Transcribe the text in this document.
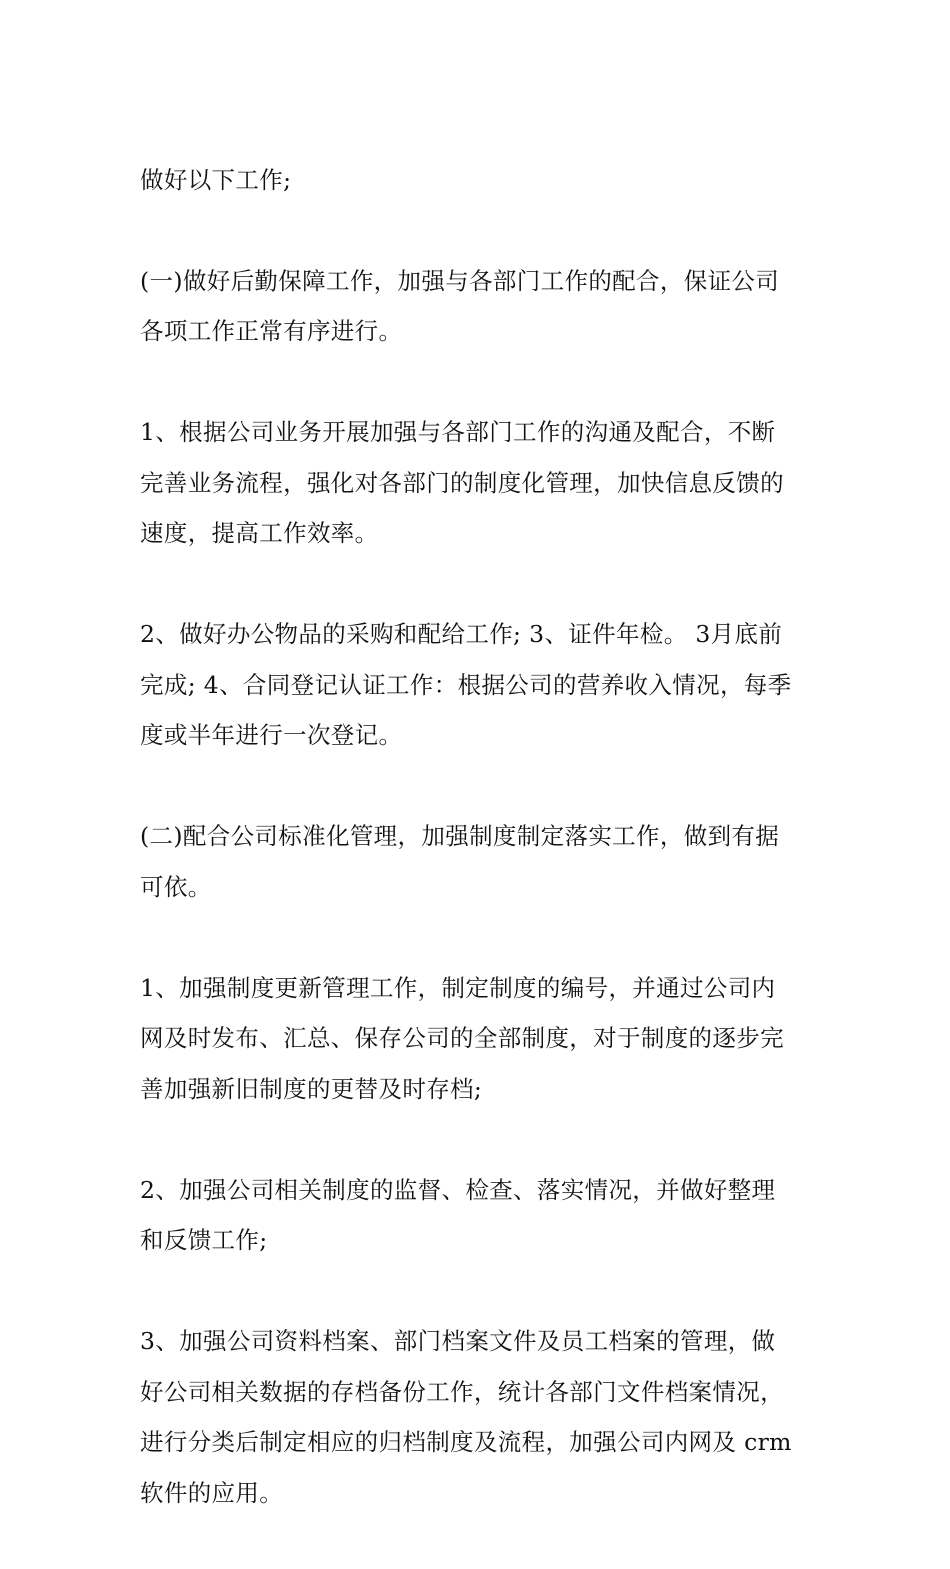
做好以下工作;

(一)做好后勤保障工作，加强与各部门工作的配合，保证公司
各项工作正常有序进行。

1、根据公司业务开展加强与各部门工作的沟通及配合，不断
完善业务流程，强化对各部门的制度化管理，加快信息反馈的
速度，提高工作效率。

2、做好办公物品的采购和配给工作; 3、证件年检。 3月底前
完成; 4、合同登记认证工作：根据公司的营养收入情况，每季
度或半年进行一次登记。

(二)配合公司标准化管理，加强制度制定落实工作，做到有据
可依。

1、加强制度更新管理工作，制定制度的编号，并通过公司内
网及时发布、汇总、保存公司的全部制度，对于制度的逐步完
善加强新旧制度的更替及时存档;

2、加强公司相关制度的监督、检查、落实情况，并做好整理
和反馈工作;

3、加强公司资料档案、部门档案文件及员工档案的管理，做
好公司相关数据的存档备份工作，统计各部门文件档案情况，
进行分类后制定相应的归档制度及流程，加强公司内网及 crm
软件的应用。
